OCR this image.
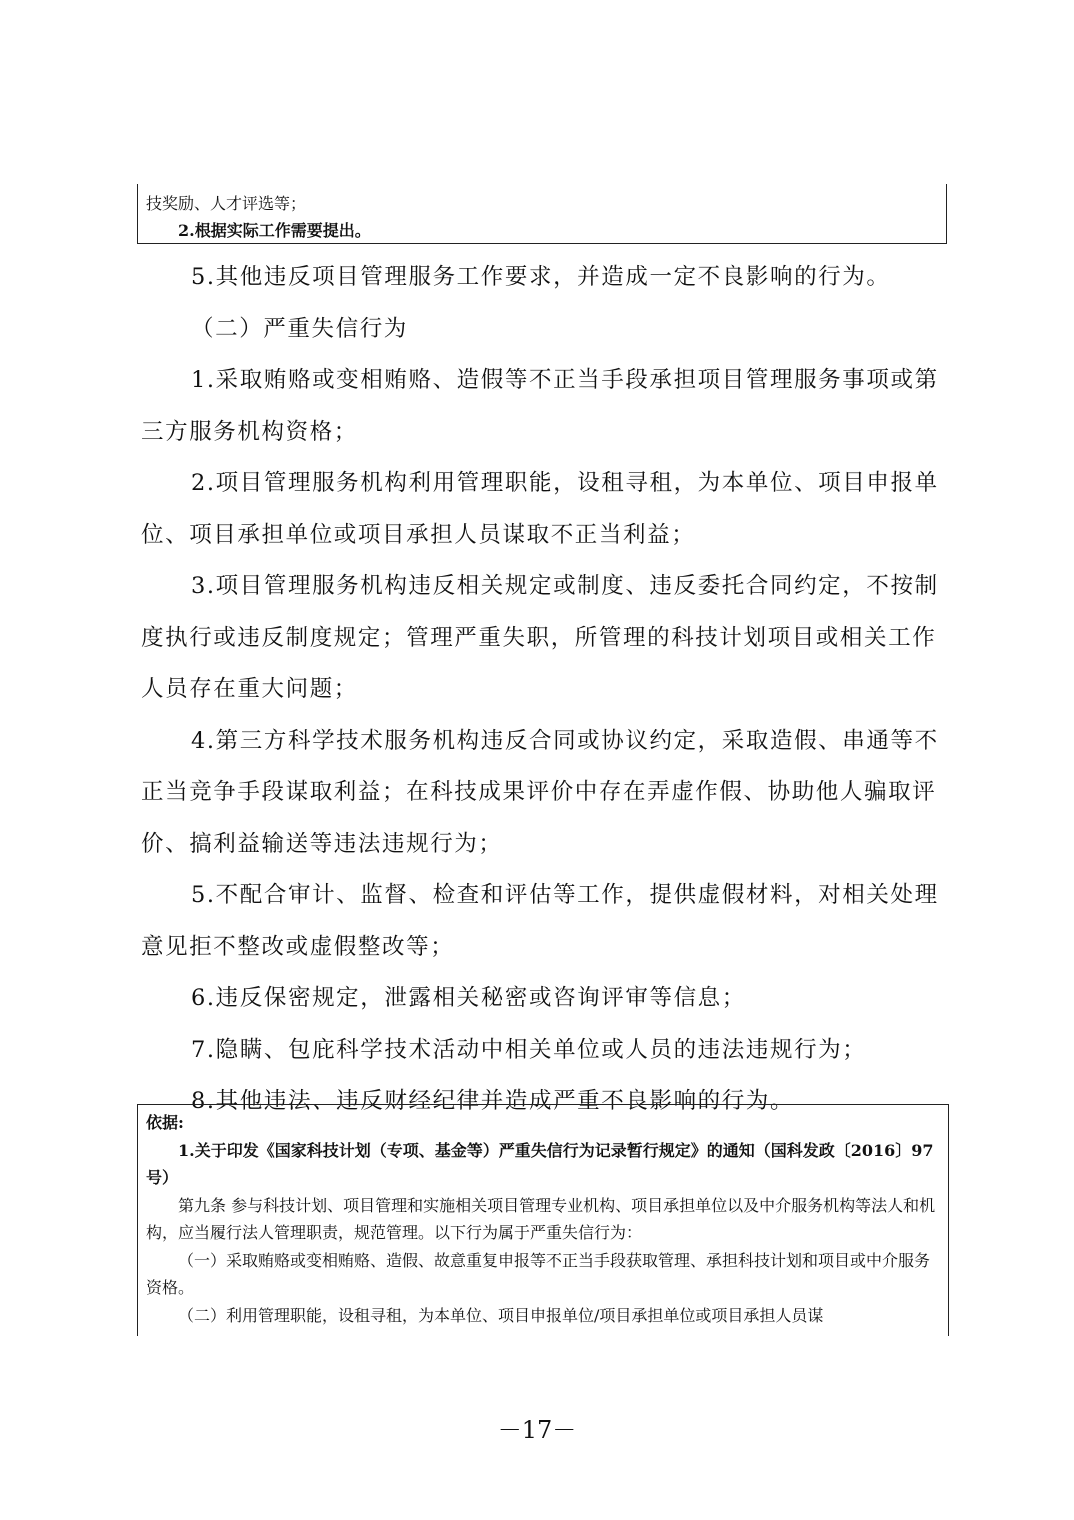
技奖励、人才评选等；
2.根据实际工作需要提出。

5.其他违反项目管理服务工作要求，并造成一定不良影响的行为。

（二）严重失信行为

1.采取贿赂或变相贿赂、造假等不正当手段承担项目管理服务事项或第三方服务机构资格；

2.项目管理服务机构利用管理职能，设租寻租，为本单位、项目申报单位、项目承担单位或项目承担人员谋取不正当利益；

3.项目管理服务机构违反相关规定或制度、违反委托合同约定，不按制度执行或违反制度规定；管理严重失职，所管理的科技计划项目或相关工作人员存在重大问题；

4.第三方科学技术服务机构违反合同或协议约定，采取造假、串通等不正当竞争手段谋取利益；在科技成果评价中存在弄虚作假、协助他人骗取评价、搞利益输送等违法违规行为；

5.不配合审计、监督、检查和评估等工作，提供虚假材料，对相关处理意见拒不整改或虚假整改等；

6.违反保密规定，泄露相关秘密或咨询评审等信息；

7.隐瞒、包庇科学技术活动中相关单位或人员的违法违规行为；

8.其他违法、违反财经纪律并造成严重不良影响的行为。

依据:

1.关于印发《国家科技计划（专项、基金等）严重失信行为记录暂行规定》的通知（国科发政〔2016〕97号）

第九条 参与科技计划、项目管理和实施相关项目管理专业机构、项目承担单位以及中介服务机构等法人和机构，应当履行法人管理职责，规范管理。以下行为属于严重失信行为：

（一）采取贿赂或变相贿赂、造假、故意重复申报等不正当手段获取管理、承担科技计划和项目或中介服务资格。

（二）利用管理职能，设租寻租，为本单位、项目申报单位/项目承担单位或项目承担人员谋

－17－
